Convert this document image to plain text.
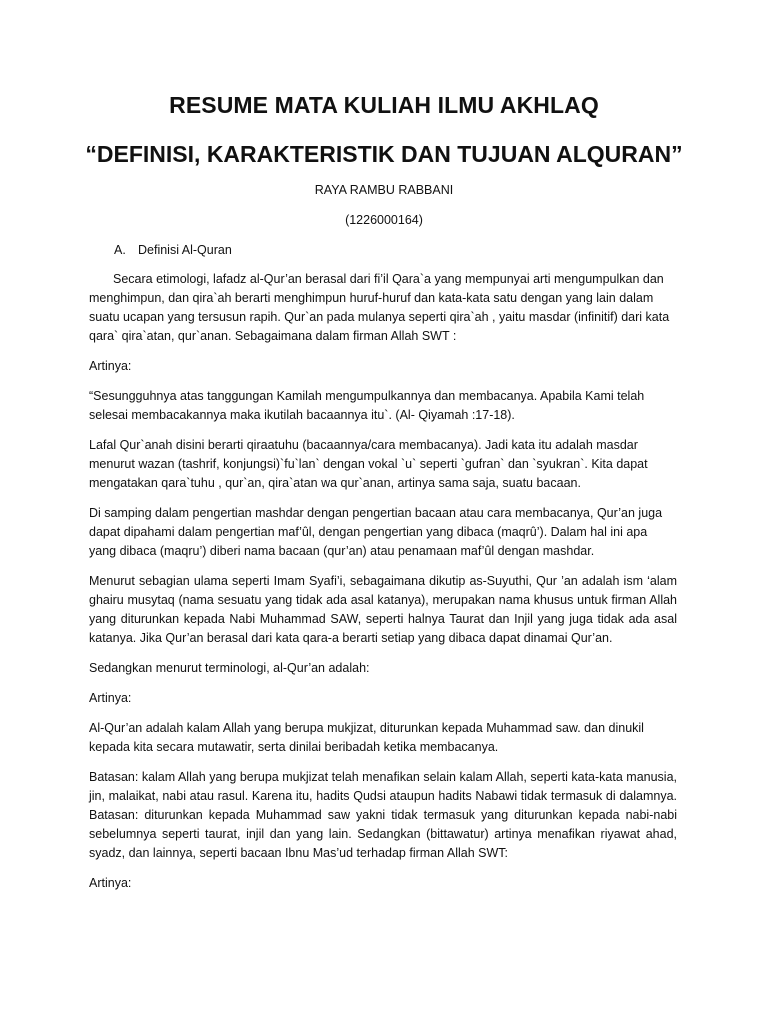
RESUME MATA KULIAH ILMU AKHLAQ
“DEFINISI, KARAKTERISTIK DAN TUJUAN ALQURAN”
RAYA RAMBU RABBANI
(1226000164)

A. Definisi Al-Quran

Secara etimologi, lafadz al-Qur’an berasal dari fi’il Qara`a yang mempunyai arti mengumpulkan dan menghimpun, dan qira`ah berarti menghimpun huruf-huruf dan kata-kata satu dengan yang lain dalam suatu ucapan yang tersusun rapih. Qur`an pada mulanya seperti qira`ah , yaitu masdar (infinitif) dari kata qara` qira`atan, qur`anan. Sebagaimana dalam firman Allah SWT :

Artinya:

“Sesungguhnya atas tanggungan Kamilah mengumpulkannya dan membacanya. Apabila Kami telah selesai membacakannya maka ikutilah bacaannya itu`. (Al- Qiyamah :17-18).

Lafal Qur`anah disini berarti qiraatuhu (bacaannya/cara membacanya). Jadi kata itu adalah masdar menurut wazan (tashrif, konjungsi)`fu`lan` dengan vokal `u` seperti `gufran` dan `syukran`. Kita dapat mengatakan qara`tuhu , qur`an, qira`atan wa qur`anan, artinya sama saja, suatu bacaan.

Di samping dalam pengertian mashdar dengan pengertian bacaan atau cara membacanya, Qur’an juga dapat dipahami dalam pengertian maf’ûl, dengan pengertian yang dibaca (maqrû’). Dalam hal ini apa yang dibaca (maqru’) diberi nama bacaan (qur’an) atau penamaan maf’ûl dengan mashdar.

Menurut sebagian ulama seperti Imam Syafi’i, sebagaimana dikutip as-Suyuthi, Qur ’an adalah ism ‘alam ghairu musytaq (nama sesuatu yang tidak ada asal katanya), merupakan nama khusus untuk firman Allah yang diturunkan kepada Nabi Muhammad SAW, seperti halnya Taurat dan Injil yang juga tidak ada asal katanya. Jika Qur’an berasal dari kata qara-a berarti setiap yang dibaca dapat dinamai Qur’an.

Sedangkan menurut terminologi, al-Qur’an adalah:

Artinya:

Al-Qur’an adalah kalam Allah yang berupa mukjizat, diturunkan kepada Muhammad saw. dan dinukil kepada kita secara mutawatir, serta dinilai beribadah ketika membacanya.

Batasan: kalam Allah yang berupa mukjizat telah menafikan selain kalam Allah, seperti kata-kata manusia, jin, malaikat, nabi atau rasul. Karena itu, hadits Qudsi ataupun hadits Nabawi tidak termasuk di dalamnya. Batasan: diturunkan kepada Muhammad saw yakni tidak termasuk yang diturunkan kepada nabi-nabi sebelumnya seperti taurat, injil dan yang lain. Sedangkan (bittawatur) artinya menafikan riyawat ahad, syadz, dan lainnya, seperti bacaan Ibnu Mas’ud terhadap firman Allah SWT:

Artinya:
